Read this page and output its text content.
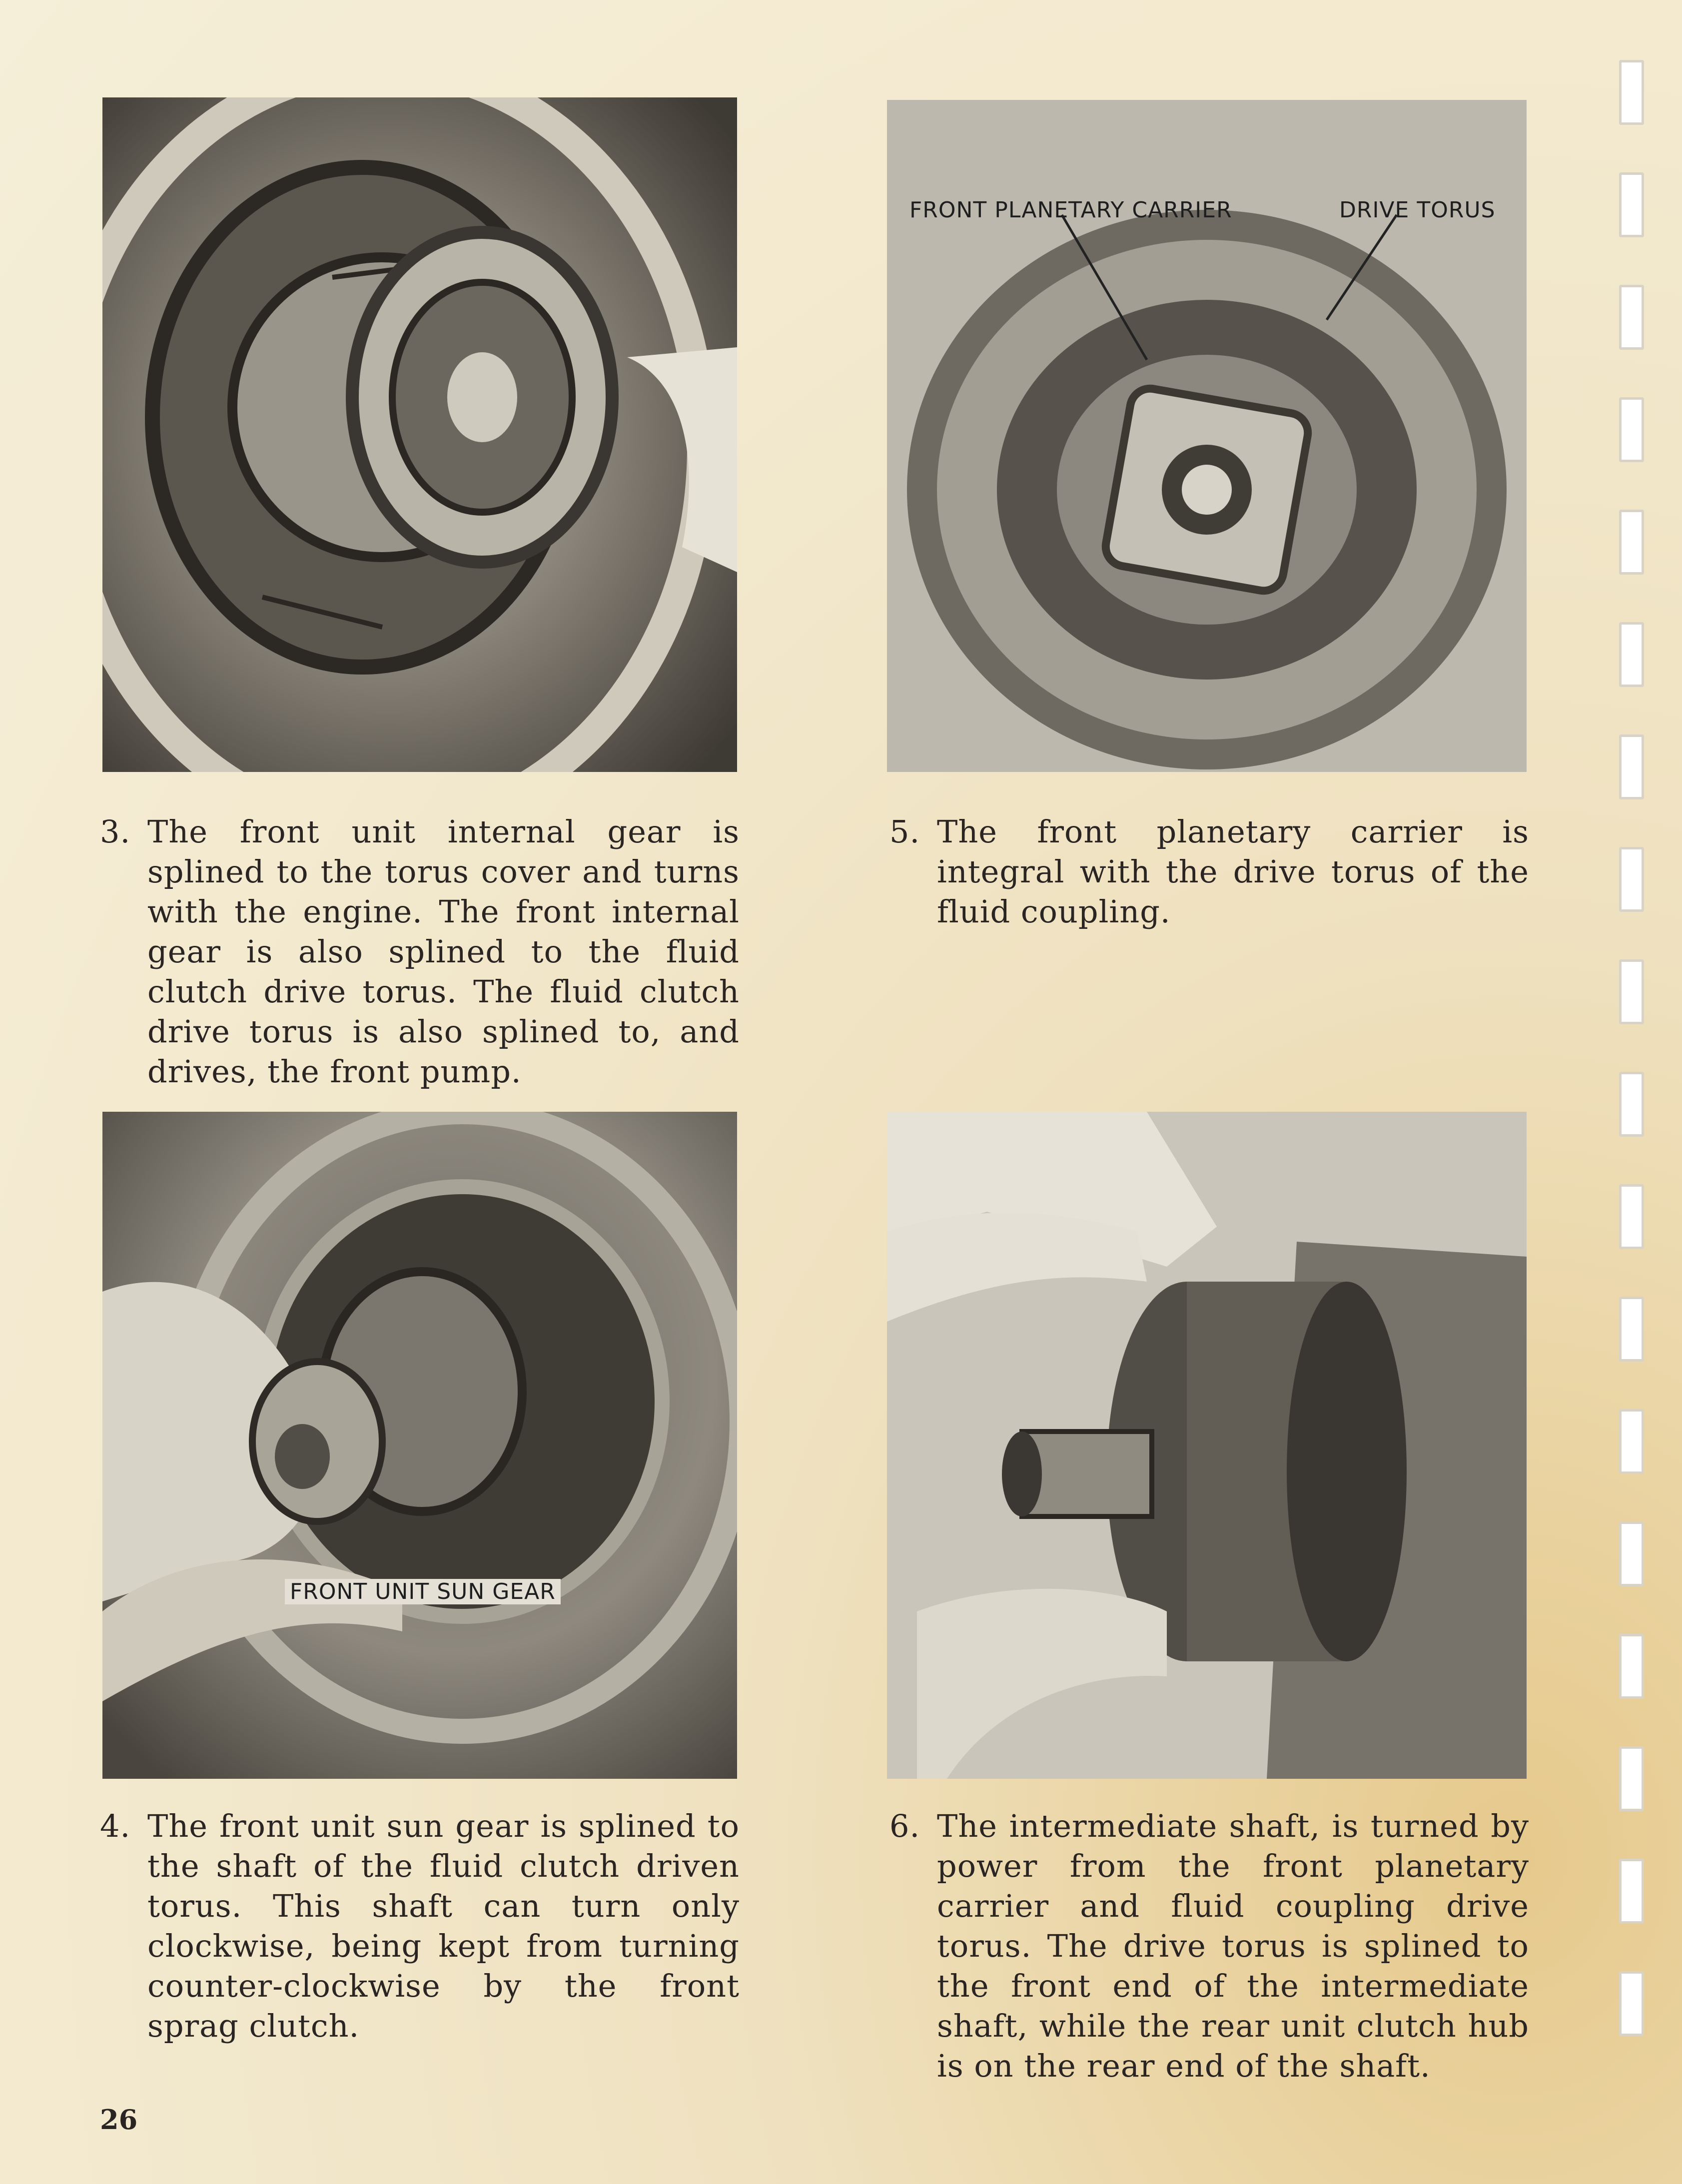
FRONT PLANETARY CARRIER	DRIVE TORUS
3. The front unit internal gear is splined to the torus cover and turns with the engine. The front internal gear is also splined to the fluid clutch drive torus. The fluid clutch drive torus is also splined to, and drives, the front pump.
5. The front planetary carrier is integral with the drive torus of the fluid coupling.
FRONT UNIT SUN GEAR
4. The front unit sun gear is splined to the shaft of the fluid clutch driven torus. This shaft can turn only clockwise, being kept from turning counter-clockwise by the front sprag clutch.
6. The intermediate shaft, is turned by power from the front planetary carrier and fluid coupling drive torus. The drive torus is splined to the front end of the intermediate shaft, while the rear unit clutch hub is on the rear end of the shaft.
26
